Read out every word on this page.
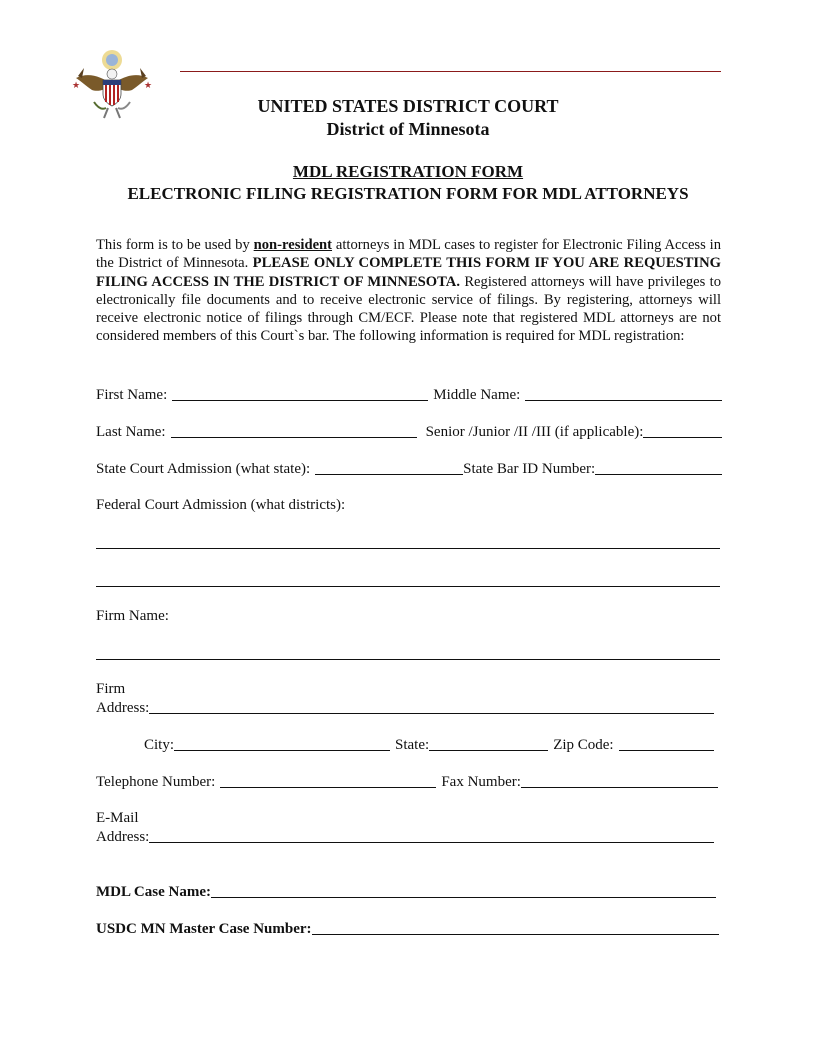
★	★
UNITED STATES DISTRICT COURT
District of Minnesota
MDL REGISTRATION FORM
ELECTRONIC FILING REGISTRATION FORM FOR MDL ATTORNEYS

This form is to be used by non-resident attorneys in MDL cases to register for Electronic Filing Access in the District of Minnesota. PLEASE ONLY COMPLETE THIS FORM IF YOU ARE REQUESTING FILING ACCESS IN THE DISTRICT OF MINNESOTA. Registered attorneys will have privileges to electronically file documents and to receive electronic service of filings. By registering, attorneys will receive electronic notice of filings through CM/ECF. Please note that registered MDL attorneys are not considered members of this Court`s bar. The following information is required for MDL registration:

First Name:	Middle Name:
Last Name:	Senior /Junior /II /III (if applicable):
State Court Admission (what state):	State Bar ID Number:
Federal Court Admission (what districts):
Firm Name:
Firm
Address:
City:	State:	Zip Code:
Telephone Number:	Fax Number:
E-Mail
Address:
MDL Case Name:
USDC MN Master Case Number:
